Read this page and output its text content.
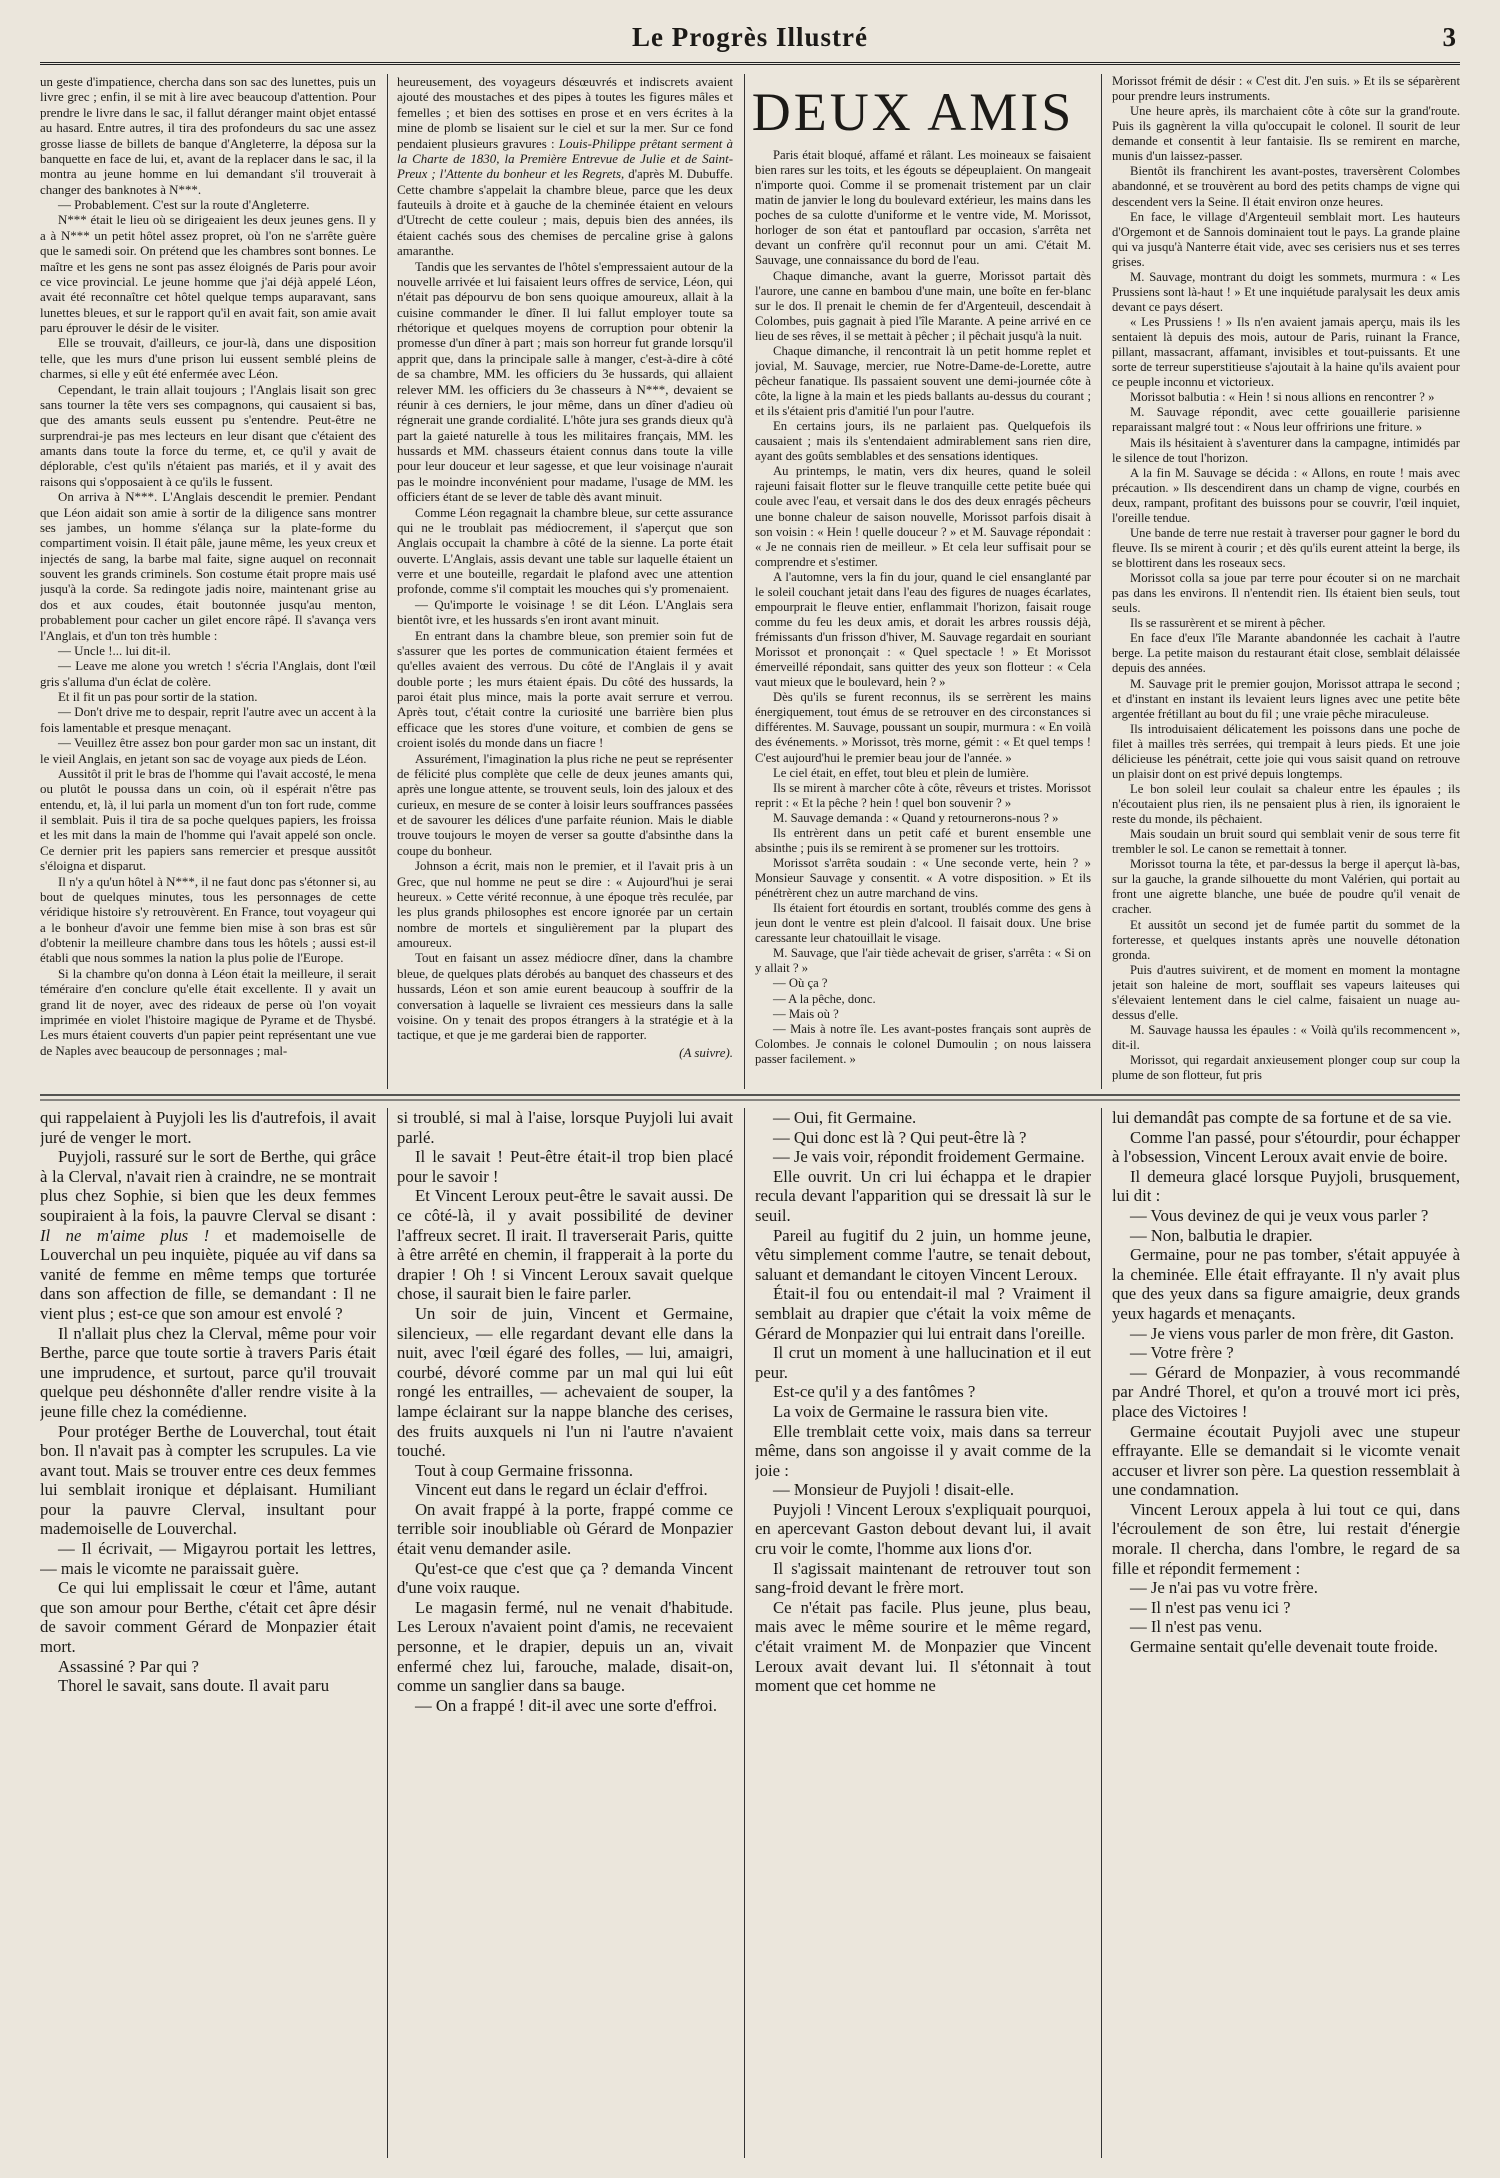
Le Progrès Illustré	3

un geste d'impatience, chercha dans son sac des lunettes, puis un livre grec ; enfin, il se mit à lire avec beaucoup d'attention. Pour prendre le livre dans le sac, il fallut déranger maint objet entassé au hasard. Entre autres, il tira des profondeurs du sac une assez grosse liasse de billets de banque d'Angleterre, la déposa sur la banquette en face de lui, et, avant de la replacer dans le sac, il la montra au jeune homme en lui demandant s'il trouverait à changer des banknotes à N***.

— Probablement. C'est sur la route d'Angleterre.

N*** était le lieu où se dirigeaient les deux jeunes gens. Il y a à N*** un petit hôtel assez propret, où l'on ne s'arrête guère que le samedi soir. On prétend que les chambres sont bonnes. Le maître et les gens ne sont pas assez éloignés de Paris pour avoir ce vice provincial. Le jeune homme que j'ai déjà appelé Léon, avait été reconnaître cet hôtel quelque temps auparavant, sans lunettes bleues, et sur le rapport qu'il en avait fait, son amie avait paru éprouver le désir de le visiter.

Elle se trouvait, d'ailleurs, ce jour-là, dans une disposition telle, que les murs d'une prison lui eussent semblé pleins de charmes, si elle y eût été enfermée avec Léon.

Cependant, le train allait toujours ; l'Anglais lisait son grec sans tourner la tête vers ses compagnons, qui causaient si bas, que des amants seuls eussent pu s'entendre. Peut-être ne surprendrai-je pas mes lecteurs en leur disant que c'étaient des amants dans toute la force du terme, et, ce qu'il y avait de déplorable, c'est qu'ils n'étaient pas mariés, et il y avait des raisons qui s'opposaient à ce qu'ils le fussent.

On arriva à N***. L'Anglais descendit le premier. Pendant que Léon aidait son amie à sortir de la diligence sans montrer ses jambes, un homme s'élança sur la plate-forme du compartiment voisin. Il était pâle, jaune même, les yeux creux et injectés de sang, la barbe mal faite, signe auquel on reconnait souvent les grands criminels. Son costume était propre mais usé jusqu'à la corde. Sa redingote jadis noire, maintenant grise au dos et aux coudes, était boutonnée jusqu'au menton, probablement pour cacher un gilet encore râpé. Il s'avança vers l'Anglais, et d'un ton très humble :

— Uncle !... lui dit-il.

— Leave me alone you wretch ! s'écria l'Anglais, dont l'œil gris s'alluma d'un éclat de colère.

Et il fit un pas pour sortir de la station.

— Don't drive me to despair, reprit l'autre avec un accent à la fois lamentable et presque menaçant.

— Veuillez être assez bon pour garder mon sac un instant, dit le vieil Anglais, en jetant son sac de voyage aux pieds de Léon.

Aussitôt il prit le bras de l'homme qui l'avait accosté, le mena ou plutôt le poussa dans un coin, où il espérait n'être pas entendu, et, là, il lui parla un moment d'un ton fort rude, comme il semblait. Puis il tira de sa poche quelques papiers, les froissa et les mit dans la main de l'homme qui l'avait appelé son oncle. Ce dernier prit les papiers sans remercier et presque aussitôt s'éloigna et disparut.

Il n'y a qu'un hôtel à N***, il ne faut donc pas s'étonner si, au bout de quelques minutes, tous les personnages de cette véridique histoire s'y retrouvèrent. En France, tout voyageur qui a le bonheur d'avoir une femme bien mise à son bras est sûr d'obtenir la meilleure chambre dans tous les hôtels ; aussi est-il établi que nous sommes la nation la plus polie de l'Europe.

Si la chambre qu'on donna à Léon était la meilleure, il serait téméraire d'en conclure qu'elle était excellente. Il y avait un grand lit de noyer, avec des rideaux de perse où l'on voyait imprimée en violet l'histoire magique de Pyrame et de Thysbé. Les murs étaient couverts d'un papier peint représentant une vue de Naples avec beaucoup de personnages ; mal-

heureusement, des voyageurs désœuvrés et indiscrets avaient ajouté des moustaches et des pipes à toutes les figures mâles et femelles ; et bien des sottises en prose et en vers écrites à la mine de plomb se lisaient sur le ciel et sur la mer. Sur ce fond pendaient plusieurs gravures : Louis-Philippe prêtant serment à la Charte de 1830, la Première Entrevue de Julie et de Saint-Preux ; l'Attente du bonheur et les Regrets, d'après M. Dubuffe. Cette chambre s'appelait la chambre bleue, parce que les deux fauteuils à droite et à gauche de la cheminée étaient en velours d'Utrecht de cette couleur ; mais, depuis bien des années, ils étaient cachés sous des chemises de percaline grise à galons amaranthe.

Tandis que les servantes de l'hôtel s'empressaient autour de la nouvelle arrivée et lui faisaient leurs offres de service, Léon, qui n'était pas dépourvu de bon sens quoique amoureux, allait à la cuisine commander le dîner. Il lui fallut employer toute sa rhétorique et quelques moyens de corruption pour obtenir la promesse d'un dîner à part ; mais son horreur fut grande lorsqu'il apprit que, dans la principale salle à manger, c'est-à-dire à côté de sa chambre, MM. les officiers du 3e hussards, qui allaient relever MM. les officiers du 3e chasseurs à N***, devaient se réunir à ces derniers, le jour même, dans un dîner d'adieu où régnerait une grande cordialité. L'hôte jura ses grands dieux qu'à part la gaieté naturelle à tous les militaires français, MM. les hussards et MM. chasseurs étaient connus dans toute la ville pour leur douceur et leur sagesse, et que leur voisinage n'aurait pas le moindre inconvénient pour madame, l'usage de MM. les officiers étant de se lever de table dès avant minuit.

Comme Léon regagnait la chambre bleue, sur cette assurance qui ne le troublait pas médiocrement, il s'aperçut que son Anglais occupait la chambre à côté de la sienne. La porte était ouverte. L'Anglais, assis devant une table sur laquelle étaient un verre et une bouteille, regardait le plafond avec une attention profonde, comme s'il comptait les mouches qui s'y promenaient.

— Qu'importe le voisinage ! se dit Léon. L'Anglais sera bientôt ivre, et les hussards s'en iront avant minuit.

En entrant dans la chambre bleue, son premier soin fut de s'assurer que les portes de communication étaient fermées et qu'elles avaient des verrous. Du côté de l'Anglais il y avait double porte ; les murs étaient épais. Du côté des hussards, la paroi était plus mince, mais la porte avait serrure et verrou. Après tout, c'était contre la curiosité une barrière bien plus efficace que les stores d'une voiture, et combien de gens se croient isolés du monde dans un fiacre !

Assurément, l'imagination la plus riche ne peut se représenter de félicité plus complète que celle de deux jeunes amants qui, après une longue attente, se trouvent seuls, loin des jaloux et des curieux, en mesure de se conter à loisir leurs souffrances passées et de savourer les délices d'une parfaite réunion. Mais le diable trouve toujours le moyen de verser sa goutte d'absinthe dans la coupe du bonheur.

Johnson a écrit, mais non le premier, et il l'avait pris à un Grec, que nul homme ne peut se dire : « Aujourd'hui je serai heureux. » Cette vérité reconnue, à une époque très reculée, par les plus grands philosophes est encore ignorée par un certain nombre de mortels et singulièrement par la plupart des amoureux.

Tout en faisant un assez médiocre dîner, dans la chambre bleue, de quelques plats dérobés au banquet des chasseurs et des hussards, Léon et son amie eurent beaucoup à souffrir de la conversation à laquelle se livraient ces messieurs dans la salle voisine. On y tenait des propos étrangers à la stratégie et à la tactique, et que je me garderai bien de rapporter.

(A suivre).
DEUX AMIS

Paris était bloqué, affamé et râlant. Les moineaux se faisaient bien rares sur les toits, et les égouts se dépeuplaient. On mangeait n'importe quoi. Comme il se promenait tristement par un clair matin de janvier le long du boulevard extérieur, les mains dans les poches de sa culotte d'uniforme et le ventre vide, M. Morissot, horloger de son état et pantouflard par occasion, s'arrêta net devant un confrère qu'il reconnut pour un ami. C'était M. Sauvage, une connaissance du bord de l'eau.

Chaque dimanche, avant la guerre, Morissot partait dès l'aurore, une canne en bambou d'une main, une boîte en fer-blanc sur le dos. Il prenait le chemin de fer d'Argenteuil, descendait à Colombes, puis gagnait à pied l'île Marante. A peine arrivé en ce lieu de ses rêves, il se mettait à pêcher ; il pêchait jusqu'à la nuit.

Chaque dimanche, il rencontrait là un petit homme replet et jovial, M. Sauvage, mercier, rue Notre-Dame-de-Lorette, autre pêcheur fanatique. Ils passaient souvent une demi-journée côte à côte, la ligne à la main et les pieds ballants au-dessus du courant ; et ils s'étaient pris d'amitié l'un pour l'autre.

En certains jours, ils ne parlaient pas. Quelquefois ils causaient ; mais ils s'entendaient admirablement sans rien dire, ayant des goûts semblables et des sensations identiques.

Au printemps, le matin, vers dix heures, quand le soleil rajeuni faisait flotter sur le fleuve tranquille cette petite buée qui coule avec l'eau, et versait dans le dos des deux enragés pêcheurs une bonne chaleur de saison nouvelle, Morissot parfois disait à son voisin : « Hein ! quelle douceur ? » et M. Sauvage répondait : « Je ne connais rien de meilleur. » Et cela leur suffisait pour se comprendre et s'estimer.

A l'automne, vers la fin du jour, quand le ciel ensanglanté par le soleil couchant jetait dans l'eau des figures de nuages écarlates, empourprait le fleuve entier, enflammait l'horizon, faisait rouge comme du feu les deux amis, et dorait les arbres roussis déjà, frémissants d'un frisson d'hiver, M. Sauvage regardait en souriant Morissot et prononçait : « Quel spectacle ! » Et Morissot émerveillé répondait, sans quitter des yeux son flotteur : « Cela vaut mieux que le boulevard, hein ? »

Dès qu'ils se furent reconnus, ils se serrèrent les mains énergiquement, tout émus de se retrouver en des circonstances si différentes. M. Sauvage, poussant un soupir, murmura : « En voilà des événements. » Morissot, très morne, gémit : « Et quel temps ! C'est aujourd'hui le premier beau jour de l'année. »

Le ciel était, en effet, tout bleu et plein de lumière.

Ils se mirent à marcher côte à côte, rêveurs et tristes. Morissot reprit : « Et la pêche ? hein ! quel bon souvenir ? »

M. Sauvage demanda : « Quand y retournerons-nous ? »

Ils entrèrent dans un petit café et burent ensemble une absinthe ; puis ils se remirent à se promener sur les trottoirs.

Morissot s'arrêta soudain : « Une seconde verte, hein ? » Monsieur Sauvage y consentit. « A votre disposition. » Et ils pénétrèrent chez un autre marchand de vins.

Ils étaient fort étourdis en sortant, troublés comme des gens à jeun dont le ventre est plein d'alcool. Il faisait doux. Une brise caressante leur chatouillait le visage.

M. Sauvage, que l'air tiède achevait de griser, s'arrêta : « Si on y allait ? »

— Où ça ?

— A la pêche, donc.

— Mais où ?

— Mais à notre île. Les avant-postes français sont auprès de Colombes. Je connais le colonel Dumoulin ; on nous laissera passer facilement. »

Morissot frémit de désir : « C'est dit. J'en suis. » Et ils se séparèrent pour prendre leurs instruments.

Une heure après, ils marchaient côte à côte sur la grand'route. Puis ils gagnèrent la villa qu'occupait le colonel. Il sourit de leur demande et consentit à leur fantaisie. Ils se remirent en marche, munis d'un laissez-passer.

Bientôt ils franchirent les avant-postes, traversèrent Colombes abandonné, et se trouvèrent au bord des petits champs de vigne qui descendent vers la Seine. Il était environ onze heures.

En face, le village d'Argenteuil semblait mort. Les hauteurs d'Orgemont et de Sannois dominaient tout le pays. La grande plaine qui va jusqu'à Nanterre était vide, avec ses cerisiers nus et ses terres grises.

M. Sauvage, montrant du doigt les sommets, murmura : « Les Prussiens sont là-haut ! » Et une inquiétude paralysait les deux amis devant ce pays désert.

« Les Prussiens ! » Ils n'en avaient jamais aperçu, mais ils les sentaient là depuis des mois, autour de Paris, ruinant la France, pillant, massacrant, affamant, invisibles et tout-puissants. Et une sorte de terreur superstitieuse s'ajoutait à la haine qu'ils avaient pour ce peuple inconnu et victorieux.

Morissot balbutia : « Hein ! si nous allions en rencontrer ? »

M. Sauvage répondit, avec cette gouaillerie parisienne reparaissant malgré tout : « Nous leur offririons une friture. »

Mais ils hésitaient à s'aventurer dans la campagne, intimidés par le silence de tout l'horizon.

A la fin M. Sauvage se décida : « Allons, en route ! mais avec précaution. » Ils descendirent dans un champ de vigne, courbés en deux, rampant, profitant des buissons pour se couvrir, l'œil inquiet, l'oreille tendue.

Une bande de terre nue restait à traverser pour gagner le bord du fleuve. Ils se mirent à courir ; et dès qu'ils eurent atteint la berge, ils se blottirent dans les roseaux secs.

Morissot colla sa joue par terre pour écouter si on ne marchait pas dans les environs. Il n'entendit rien. Ils étaient bien seuls, tout seuls.

Ils se rassurèrent et se mirent à pêcher.

En face d'eux l'île Marante abandonnée les cachait à l'autre berge. La petite maison du restaurant était close, semblait délaissée depuis des années.

M. Sauvage prit le premier goujon, Morissot attrapa le second ; et d'instant en instant ils levaient leurs lignes avec une petite bête argentée frétillant au bout du fil ; une vraie pêche miraculeuse.

Ils introduisaient délicatement les poissons dans une poche de filet à mailles très serrées, qui trempait à leurs pieds. Et une joie délicieuse les pénétrait, cette joie qui vous saisit quand on retrouve un plaisir dont on est privé depuis longtemps.

Le bon soleil leur coulait sa chaleur entre les épaules ; ils n'écoutaient plus rien, ils ne pensaient plus à rien, ils ignoraient le reste du monde, ils pêchaient.

Mais soudain un bruit sourd qui semblait venir de sous terre fit trembler le sol. Le canon se remettait à tonner.

Morissot tourna la tête, et par-dessus la berge il aperçut là-bas, sur la gauche, la grande silhouette du mont Valérien, qui portait au front une aigrette blanche, une buée de poudre qu'il venait de cracher.

Et aussitôt un second jet de fumée partit du sommet de la forteresse, et quelques instants après une nouvelle détonation gronda.

Puis d'autres suivirent, et de moment en moment la montagne jetait son haleine de mort, soufflait ses vapeurs laiteuses qui s'élevaient lentement dans le ciel calme, faisaient un nuage au-dessus d'elle.

M. Sauvage haussa les épaules : « Voilà qu'ils recommencent », dit-il.

Morissot, qui regardait anxieusement plonger coup sur coup la plume de son flotteur, fut pris

qui rappelaient à Puyjoli les lis d'autrefois, il avait juré de venger le mort.

Puyjoli, rassuré sur le sort de Berthe, qui grâce à la Clerval, n'avait rien à craindre, ne se montrait plus chez Sophie, si bien que les deux femmes soupiraient à la fois, la pauvre Clerval se disant : Il ne m'aime plus ! et mademoiselle de Louverchal un peu inquiète, piquée au vif dans sa vanité de femme en même temps que torturée dans son affection de fille, se demandant : Il ne vient plus ; est-ce que son amour est envolé ?

Il n'allait plus chez la Clerval, même pour voir Berthe, parce que toute sortie à travers Paris était une imprudence, et surtout, parce qu'il trouvait quelque peu déshonnête d'aller rendre visite à la jeune fille chez la comédienne.

Pour protéger Berthe de Louverchal, tout était bon. Il n'avait pas à compter les scrupules. La vie avant tout. Mais se trouver entre ces deux femmes lui semblait ironique et déplaisant. Humiliant pour la pauvre Clerval, insultant pour mademoiselle de Louverchal.

— Il écrivait, — Migayrou portait les lettres, — mais le vicomte ne paraissait guère.

Ce qui lui emplissait le cœur et l'âme, autant que son amour pour Berthe, c'était cet âpre désir de savoir comment Gérard de Monpazier était mort.

Assassiné ? Par qui ?

Thorel le savait, sans doute. Il avait paru

si troublé, si mal à l'aise, lorsque Puyjoli lui avait parlé.

Il le savait ! Peut-être était-il trop bien placé pour le savoir !

Et Vincent Leroux peut-être le savait aussi. De ce côté-là, il y avait possibilité de deviner l'affreux secret. Il irait. Il traverserait Paris, quitte à être arrêté en chemin, il frapperait à la porte du drapier ! Oh ! si Vincent Leroux savait quelque chose, il saurait bien le faire parler.

Un soir de juin, Vincent et Germaine, silencieux, — elle regardant devant elle dans la nuit, avec l'œil égaré des folles, — lui, amaigri, courbé, dévoré comme par un mal qui lui eût rongé les entrailles, — achevaient de souper, la lampe éclairant sur la nappe blanche des cerises, des fruits auxquels ni l'un ni l'autre n'avaient touché.

Tout à coup Germaine frissonna.

Vincent eut dans le regard un éclair d'effroi.

On avait frappé à la porte, frappé comme ce terrible soir inoubliable où Gérard de Monpazier était venu demander asile.

Qu'est-ce que c'est que ça ? demanda Vincent d'une voix rauque.

Le magasin fermé, nul ne venait d'habitude. Les Leroux n'avaient point d'amis, ne recevaient personne, et le drapier, depuis un an, vivait enfermé chez lui, farouche, malade, disait-on, comme un sanglier dans sa bauge.

— On a frappé ! dit-il avec une sorte d'effroi.

— Oui, fit Germaine.

— Qui donc est là ? Qui peut-être là ?

— Je vais voir, répondit froidement Germaine.

Elle ouvrit. Un cri lui échappa et le drapier recula devant l'apparition qui se dressait là sur le seuil.

Pareil au fugitif du 2 juin, un homme jeune, vêtu simplement comme l'autre, se tenait debout, saluant et demandant le citoyen Vincent Leroux.

Était-il fou ou entendait-il mal ? Vraiment il semblait au drapier que c'était la voix même de Gérard de Monpazier qui lui entrait dans l'oreille.

Il crut un moment à une hallucination et il eut peur.

Est-ce qu'il y a des fantômes ?

La voix de Germaine le rassura bien vite.

Elle tremblait cette voix, mais dans sa terreur même, dans son angoisse il y avait comme de la joie :

— Monsieur de Puyjoli ! disait-elle.

Puyjoli ! Vincent Leroux s'expliquait pourquoi, en apercevant Gaston debout devant lui, il avait cru voir le comte, l'homme aux lions d'or.

Il s'agissait maintenant de retrouver tout son sang-froid devant le frère mort.

Ce n'était pas facile. Plus jeune, plus beau, mais avec le même sourire et le même regard, c'était vraiment M. de Monpazier que Vincent Leroux avait devant lui. Il s'étonnait à tout moment que cet homme ne

lui demandât pas compte de sa fortune et de sa vie.

Comme l'an passé, pour s'étourdir, pour échapper à l'obsession, Vincent Leroux avait envie de boire.

Il demeura glacé lorsque Puyjoli, brusquement, lui dit :

— Vous devinez de qui je veux vous parler ?

— Non, balbutia le drapier.

Germaine, pour ne pas tomber, s'était appuyée à la cheminée. Elle était effrayante. Il n'y avait plus que des yeux dans sa figure amaigrie, deux grands yeux hagards et menaçants.

— Je viens vous parler de mon frère, dit Gaston.

— Votre frère ?

— Gérard de Monpazier, à vous recommandé par André Thorel, et qu'on a trouvé mort ici près, place des Victoires !

Germaine écoutait Puyjoli avec une stupeur effrayante. Elle se demandait si le vicomte venait accuser et livrer son père. La question ressemblait à une condamnation.

Vincent Leroux appela à lui tout ce qui, dans l'écroulement de son être, lui restait d'énergie morale. Il chercha, dans l'ombre, le regard de sa fille et répondit fermement :

— Je n'ai pas vu votre frère.

— Il n'est pas venu ici ?

— Il n'est pas venu.

Germaine sentait qu'elle devenait toute froide.
